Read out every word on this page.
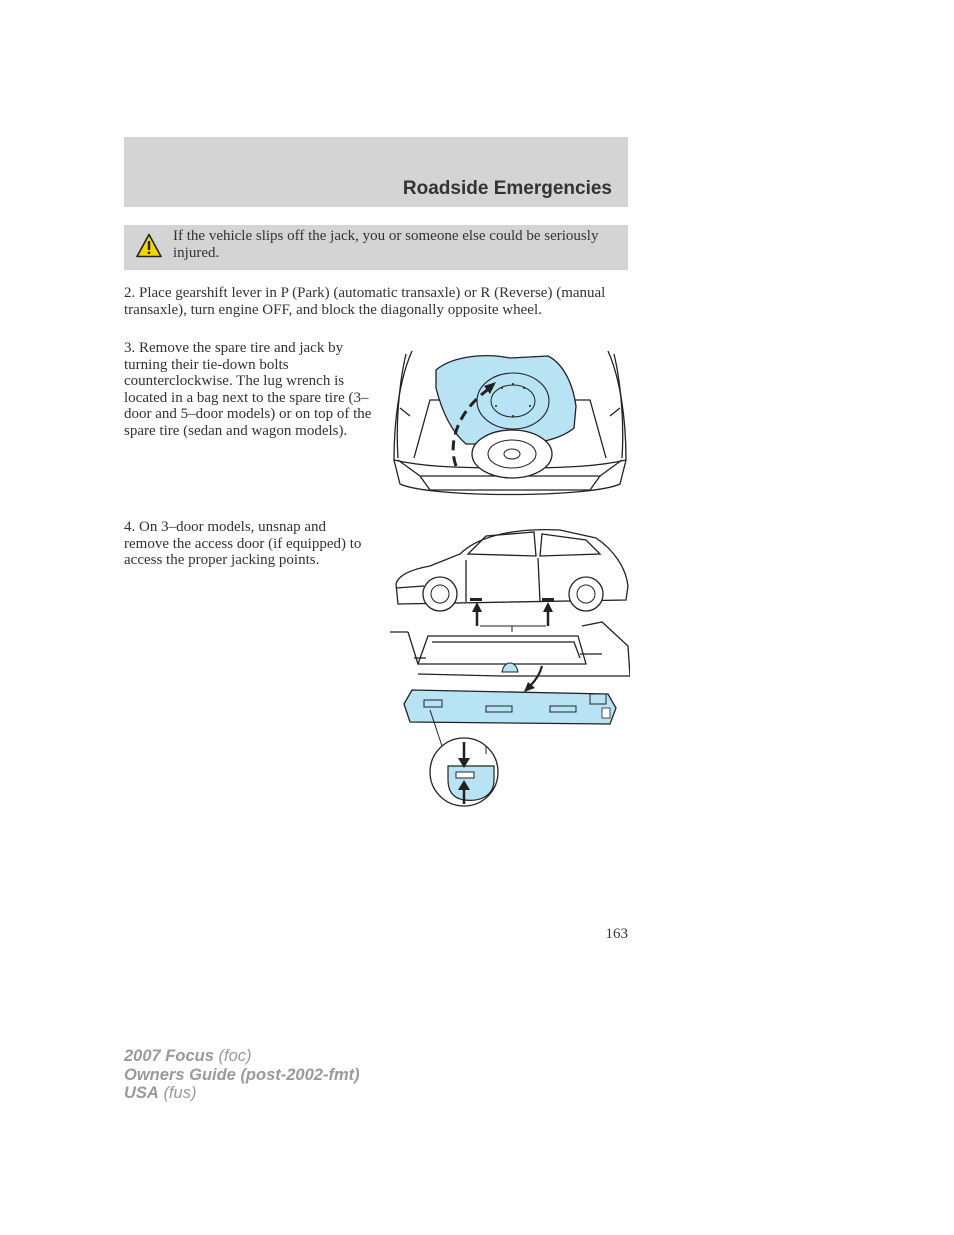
Roadside Emergencies
If the vehicle slips off the jack, you or someone else could be seriously injured.

2. Place gearshift lever in P (Park) (automatic transaxle) or R (Reverse) (manual transaxle), turn engine OFF, and block the diagonally opposite wheel.

3. Remove the spare tire and jack by turning their tie-down bolts counterclockwise. The lug wrench is located in a bag next to the spare tire (3–door and 5–door models) or on top of the spare tire (sedan and wagon models).

4. On 3–door models, unsnap and remove the access door (if equipped) to access the proper jacking points.

163
2007 Focus (foc)
Owners Guide (post-2002-fmt)
USA (fus)
